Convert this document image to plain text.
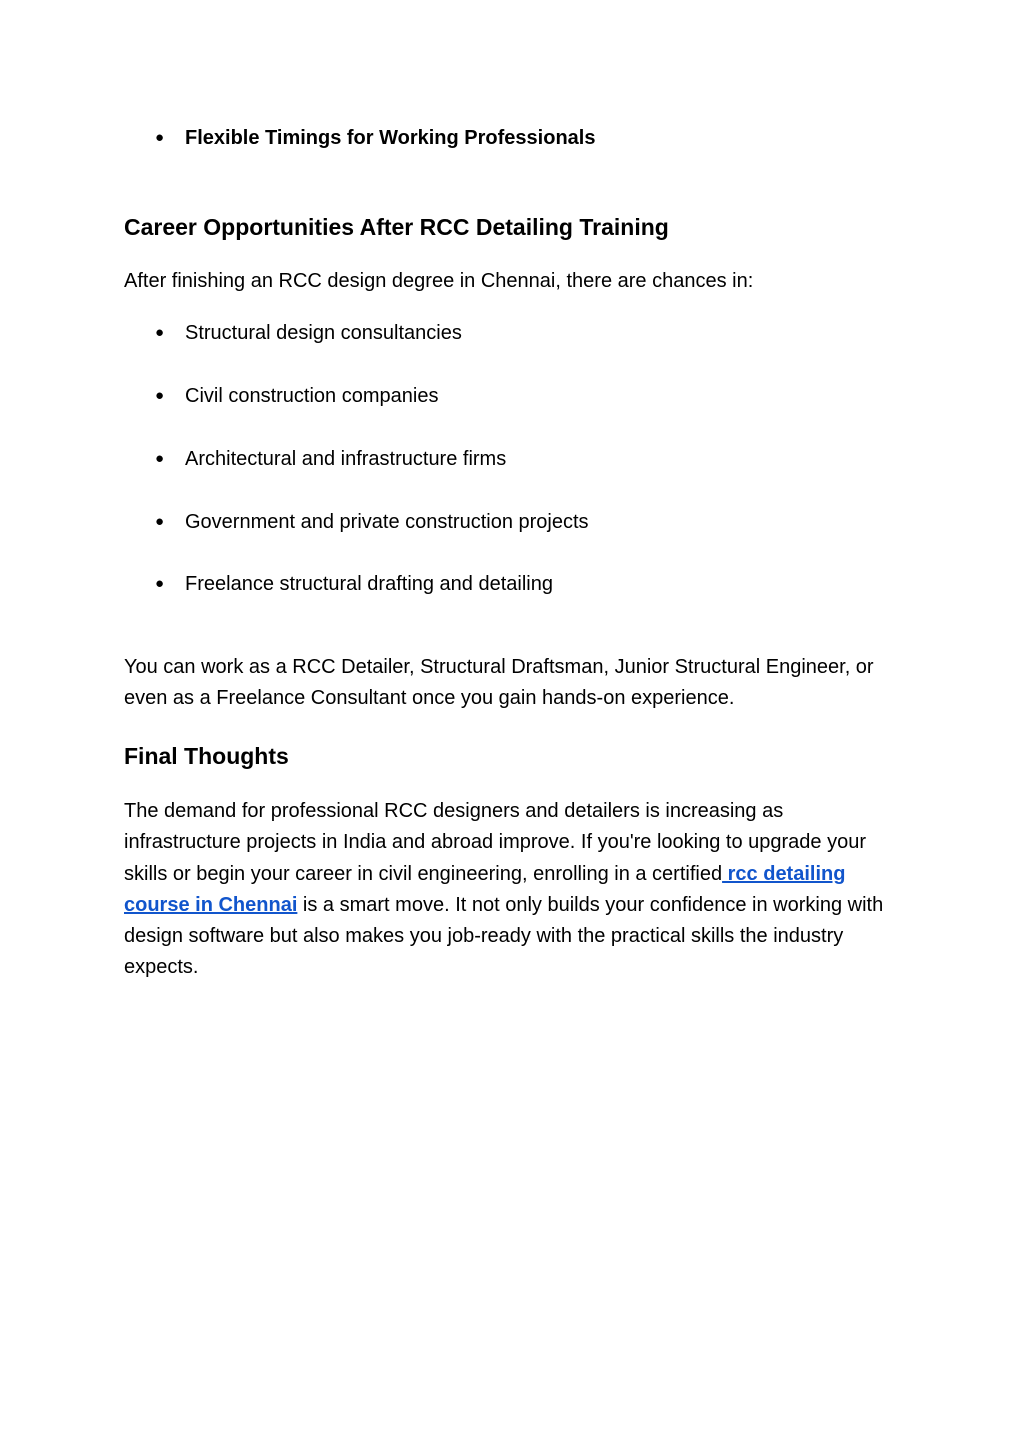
● Flexible Timings for Working Professionals
Career Opportunities After RCC Detailing Training

After finishing an RCC design degree in Chennai, there are chances in:

● Structural design consultancies
● Civil construction companies
● Architectural and infrastructure firms
● Government and private construction projects
● Freelance structural drafting and detailing

You can work as a RCC Detailer, Structural Draftsman, Junior Structural Engineer, or even as a Freelance Consultant once you gain hands-on experience.

Final Thoughts

The demand for professional RCC designers and detailers is increasing as infrastructure projects in India and abroad improve. If you're looking to upgrade your skills or begin your career in civil engineering, enrolling in a certified rcc detailing course in Chennai is a smart move. It not only builds your confidence in working with design software but also makes you job-ready with the practical skills the industry expects.
